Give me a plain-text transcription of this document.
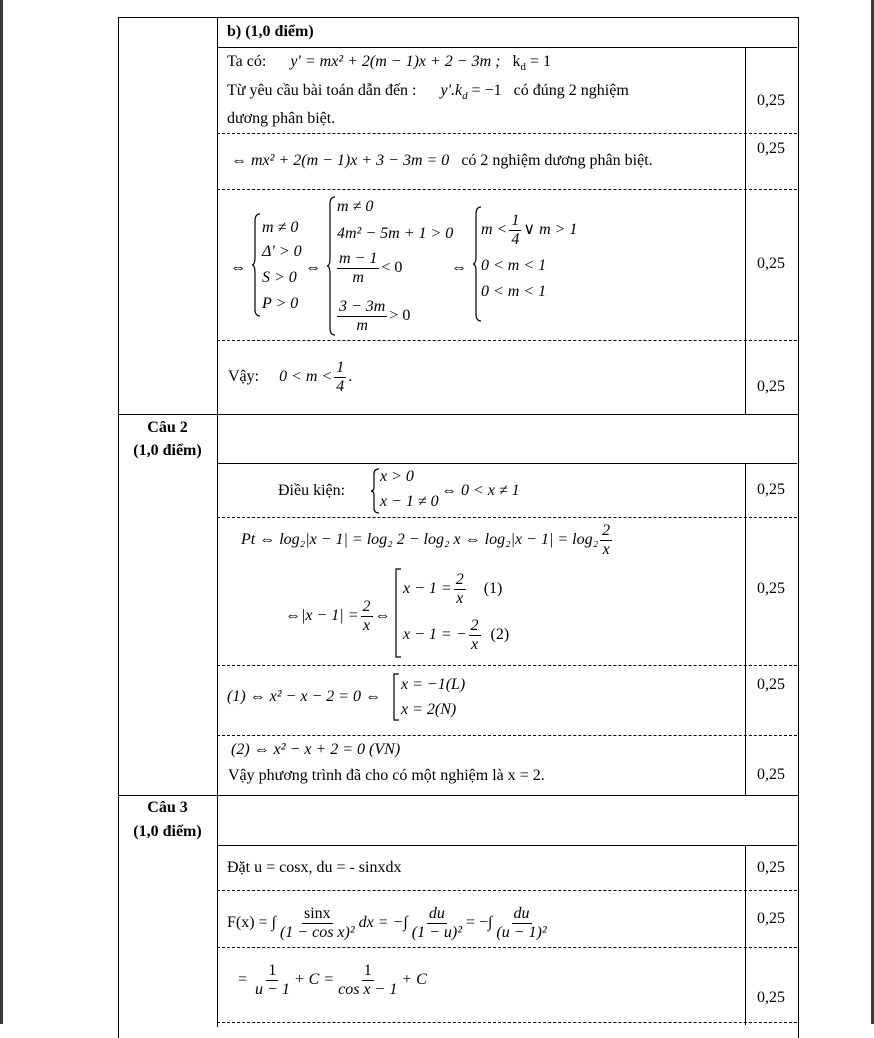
b) (1,0 điểm)
Ta có: y' = mx² + 2(m − 1)x + 2 − 3m ; $k_d = 1$
Từ yêu cầu bài toán dẫn đến : $y'.k_d = -1$ có đúng 2 nghiệm
dương phân biệt.
⇔ mx² + 2(m − 1)x + 3 − 3m = 0 có 2 nghiệm dương phân biệt.
⇔
m ≠ 0
Δ' > 0
S > 0
P > 0
⇔
m ≠ 0
4m² − 5m + 1 > 0
$\frac{m - 1}{m} < 0$
$\frac{3 - 3m}{m} > 0$
⇔
$m < \frac{1}{4}$ ∨ m > 1
0 < m < 1
0 < m < 1
Vậy: $0 < m < \frac{1}{4}$ .
Câu 2
(1,0 điểm)
Điều kiện:
x > 0
x − 1 ≠ 0
⇔ 0 < x ≠ 1
Pt ⇔ log₂|x − 1| = log₂ 2 − log₂ x ⇔ $\log_2|x - 1| = \log_2 \frac{2}{x}$
⇔|x − $1| = \frac{2}{x}$ ⇔
$x - 1 = \frac{2}{x} (1)$
x − 1 = − $\frac{2}{x} (2)$
(1) ⇔ x² − x − 2 = 0 ⇔
x = −1(L)
x = 2(N)
(2) ⇔ x² − x + 2 = 0 (VN)
Vậy phương trình đã cho có một nghiệm là x = 2.
Câu 3
(1,0 điểm)
Đặt u = cosx, du = - sinxdx
F(x) = ∫ $\frac{\sin x}{\text{(1 − cos x)²}}$ dx = −∫ $\frac{du}{\text{(1 − u)²}}$ = −∫ $\frac{du}{\text{(u − 1)²}}$
= $\frac{1}{u - 1} + C = \frac{1}{\text{cos x − 1}} + C$
0,25
0,25
0,25
0,25
0,25
0,25
0,25
0,25
0,25
0,25
0,25
